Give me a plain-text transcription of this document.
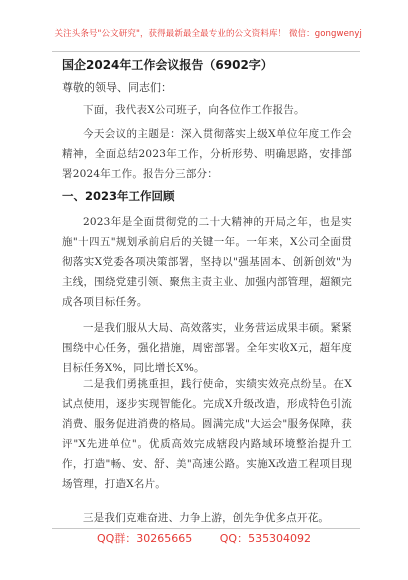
关注头条号"公文研究"，获得最新最全最专业的公文资料库！ 微信：gongwenyj
国企2024年工作会议报告（6902字）
尊敬的领导、同志们：
下面，我代表X公司班子，向各位作工作报告。
今天会议的主题是：深入贯彻落实上级X单位年度工作会精神，全面总结2023年工作，分析形势、明确思路，安排部署2024年工作。报告分三部分：
一、2023年工作回顾
2023年是全面贯彻党的二十大精神的开局之年，也是实施"十四五"规划承前启后的关键一年。一年来，X公司全面贯彻落实X党委各项决策部署，坚持以"强基固本、创新创效"为主线，围绕党建引领、聚焦主责主业、加强内部管理，超额完成各项目标任务。
一是我们服从大局、高效落实，业务营运成果丰硕。紧紧围绕中心任务，强化措施，周密部署。全年实收X元，超年度目标任务X%，同比增长X%。
二是我们勇挑重担，践行使命，实绩实效亮点纷呈。在X试点使用，逐步实现智能化。完成X升级改造，形成特色引流消费、服务促进消费的格局。圆满完成"大运会"服务保障，获评"X先进单位"。优质高效完成辖段内路域环境整治提升工作，打造"畅、安、舒、美"高速公路。实施X改造工程项目现场管理，打造X名片。
三是我们克难奋进、力争上游，创先争优多点开花。
QQ群：30265665	QQ：535304092
